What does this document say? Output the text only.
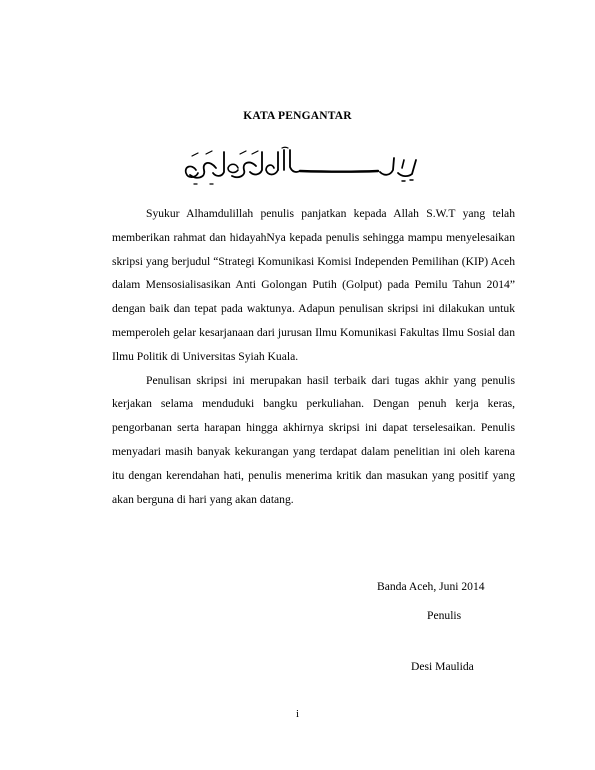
KATA PENGANTAR

Syukur Alhamdulillah penulis panjatkan kepada Allah S.W.T yang telah memberikan rahmat dan hidayahNya kepada penulis sehingga mampu menyelesaikan skripsi yang berjudul “Strategi Komunikasi Komisi Independen Pemilihan (KIP) Aceh dalam Mensosialisasikan Anti Golongan Putih (Golput) pada Pemilu Tahun 2014” dengan baik dan tepat pada waktunya. Adapun penulisan skripsi ini dilakukan untuk memperoleh gelar kesarjanaan dari jurusan Ilmu Komunikasi Fakultas Ilmu Sosial dan Ilmu Politik di Universitas Syiah Kuala.

Penulisan skripsi ini merupakan hasil terbaik dari tugas akhir yang penulis kerjakan selama menduduki bangku perkuliahan. Dengan penuh kerja keras, pengorbanan serta harapan hingga akhirnya skripsi ini dapat terselesaikan. Penulis menyadari masih banyak kekurangan yang terdapat dalam penelitian ini oleh karena itu dengan kerendahan hati, penulis menerima kritik dan masukan yang positif yang akan berguna di hari yang akan datang.

Banda Aceh, Juni 2014
Penulis
Desi Maulida
i
